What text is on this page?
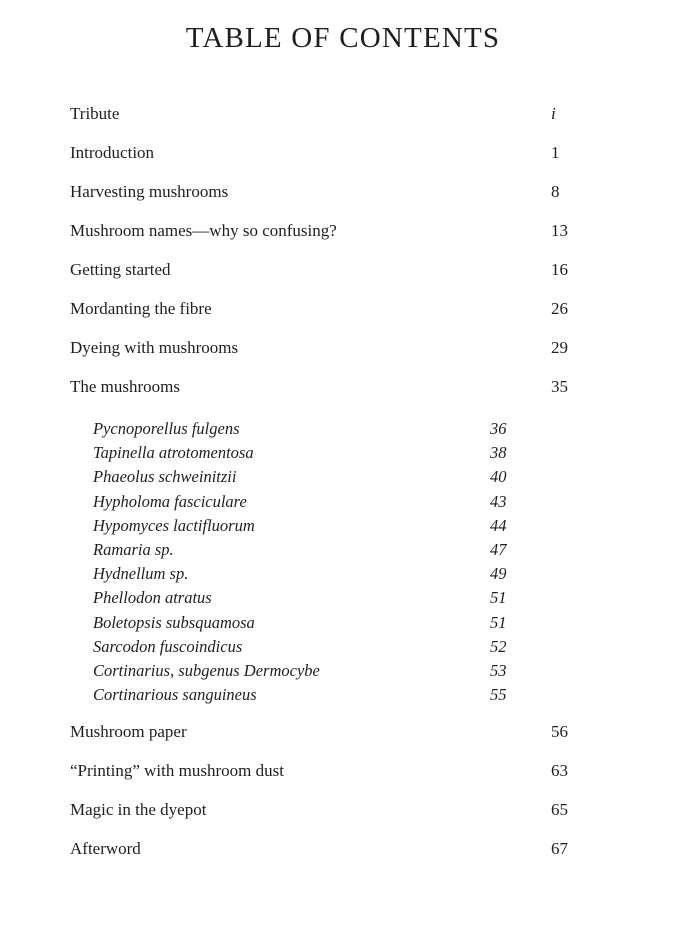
TABLE OF CONTENTS
Tribute	i
Introduction	1
Harvesting mushrooms	8
Mushroom names—why so confusing?	13
Getting started	16
Mordanting the fibre	26
Dyeing with mushrooms	29
The mushrooms	35
Pycnoporellus fulgens	36
Tapinella atrotomentosa	38
Phaeolus schweinitzii	40
Hypholoma fasciculare	43
Hypomyces lactifluorum	44
Ramaria sp.	47
Hydnellum sp.	49
Phellodon atratus	51
Boletopsis subsquamosa	51
Sarcodon fuscoindicus	52
Cortinarius, subgenus Dermocybe	53
Cortinarious sanguineus	55
Mushroom paper	56
“Printing” with mushroom dust	63
Magic in the dyepot	65
Afterword	67
